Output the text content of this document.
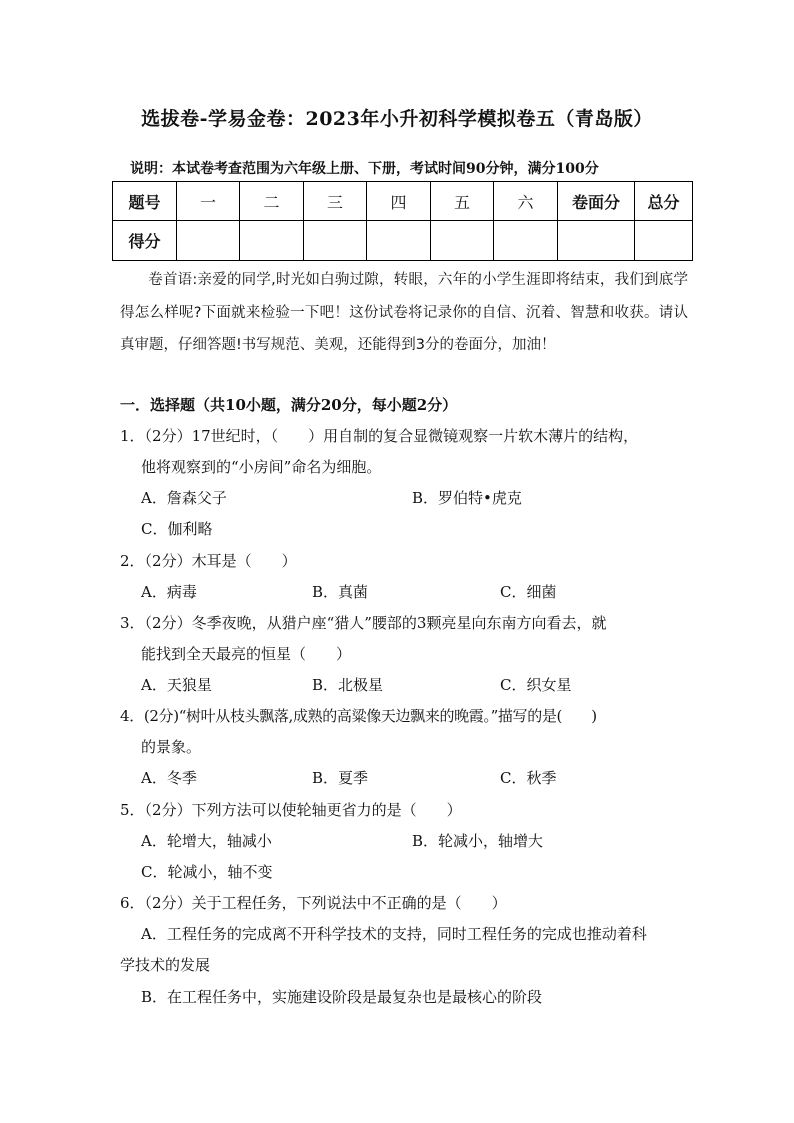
选拔卷-学易金卷：2023年小升初科学模拟卷五（青岛版）
说明：本试卷考查范围为六年级上册、下册，考试时间90分钟，满分100分
题号	一	二	三	四	五	六	卷面分	总分
得分								
卷首语:亲爱的同学,时光如白驹过隙，转眼，六年的小学生涯即将结束，我们到底学得怎么样呢?下面就来检验一下吧！这份试卷将记录你的自信、沉着、智慧和收获。请认真审题，仔细答题!书写规范、美观，还能得到3分的卷面分，加油！
一．选择题（共10小题，满分20分，每小题2分）
1．（2分）17世纪时，（　　）用自制的复合显微镜观察一片软木薄片的结构，
他将观察到的“小房间”命名为细胞。
A．詹森父子	B．罗伯特•虎克
C．伽利略
2．（2分）木耳是（　　）
A．病毒	B．真菌	C．细菌
3．（2分）冬季夜晚，从猎户座“猎人”腰部的3颗亮星向东南方向看去，就
能找到全天最亮的恒星（　　）
A．天狼星	B．北极星	C．织女星
4．(2分)“树叶从枝头飘落,成熟的高粱像天边飘来的晚霞。”描写的是(　　)
的景象。
A．冬季	B．夏季	C．秋季
5．（2分）下列方法可以使轮轴更省力的是（　　）
A．轮增大，轴减小	B．轮减小，轴增大
C．轮减小，轴不变
6．（2分）关于工程任务，下列说法中不正确的是（　　）
A．工程任务的完成离不开科学技术的支持，同时工程任务的完成也推动着科
学技术的发展
B．在工程任务中，实施建设阶段是最复杂也是最核心的阶段
